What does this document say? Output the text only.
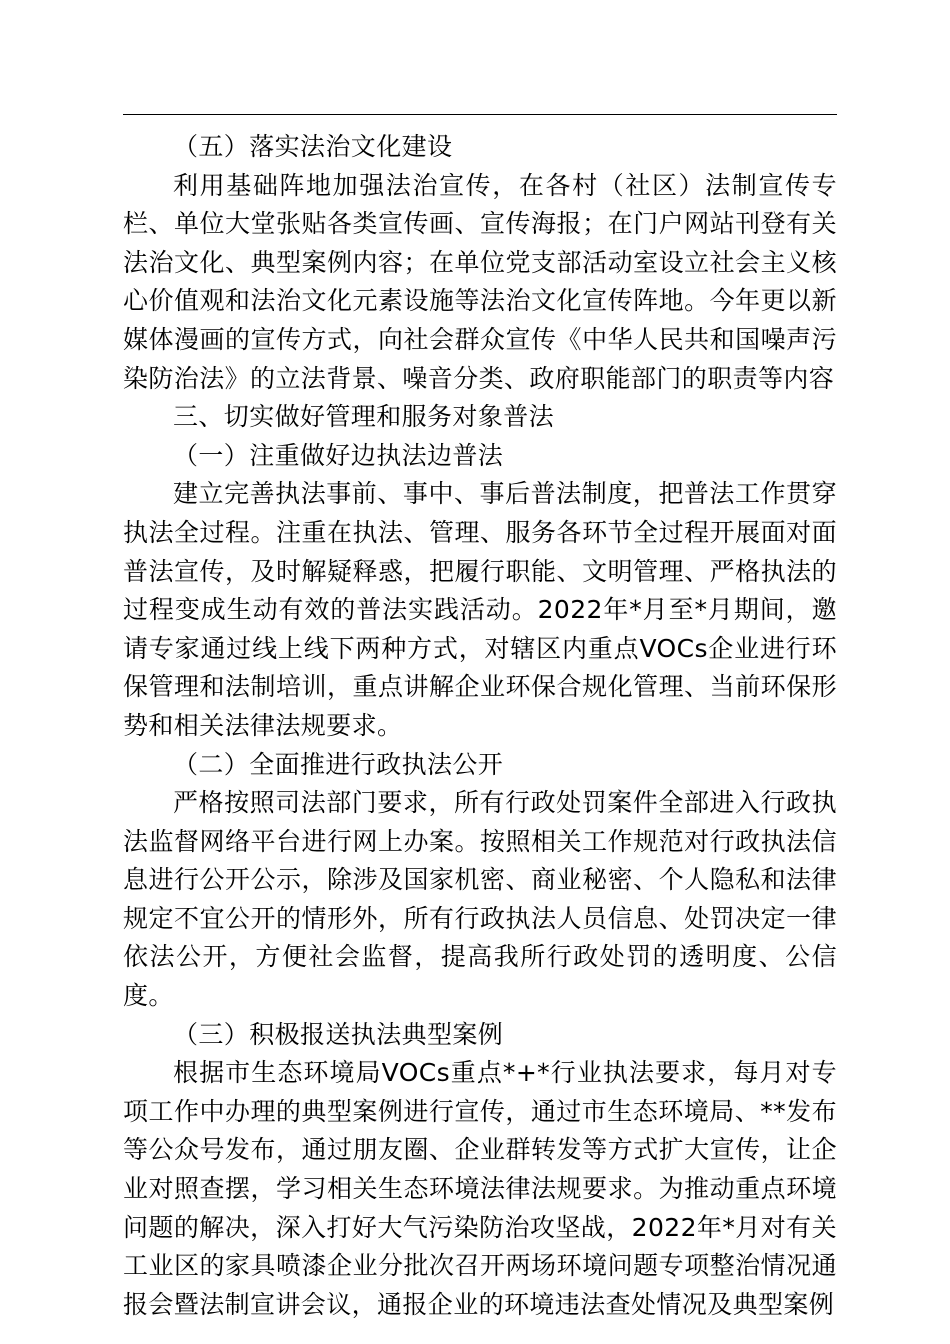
（五）落实法治文化建设

利用基础阵地加强法治宣传，在各村（社区）法制宣传专栏、单位大堂张贴各类宣传画、宣传海报；在门户网站刊登有关法治文化、典型案例内容；在单位党支部活动室设立社会主义核心价值观和法治文化元素设施等法治文化宣传阵地。今年更以新媒体漫画的宣传方式，向社会群众宣传《中华人民共和国噪声污染防治法》的立法背景、噪音分类、政府职能部门的职责等内容

三、切实做好管理和服务对象普法

（一）注重做好边执法边普法

建立完善执法事前、事中、事后普法制度，把普法工作贯穿执法全过程。注重在执法、管理、服务各环节全过程开展面对面普法宣传，及时解疑释惑，把履行职能、文明管理、严格执法的过程变成生动有效的普法实践活动。2022年*月至*月期间，邀请专家通过线上线下两种方式，对辖区内重点VOCs企业进行环保管理和法制培训，重点讲解企业环保合规化管理、当前环保形势和相关法律法规要求。

（二）全面推进行政执法公开

严格按照司法部门要求，所有行政处罚案件全部进入行政执法监督网络平台进行网上办案。按照相关工作规范对行政执法信息进行公开公示，除涉及国家机密、商业秘密、个人隐私和法律规定不宜公开的情形外，所有行政执法人员信息、处罚决定一律依法公开，方便社会监督，提高我所行政处罚的透明度、公信度。

（三）积极报送执法典型案例

根据市生态环境局VOCs重点*+*行业执法要求，每月对专项工作中办理的典型案例进行宣传，通过市生态环境局、**发布等公众号发布，通过朋友圈、企业群转发等方式扩大宣传，让企业对照查摆，学习相关生态环境法律法规要求。为推动重点环境问题的解决，深入打好大气污染防治攻坚战，2022年*月对有关工业区的家具喷漆企业分批次召开两场环境问题专项整治情况通报会暨法制宣讲会议，通报企业的环境违法查处情况及典型案例
